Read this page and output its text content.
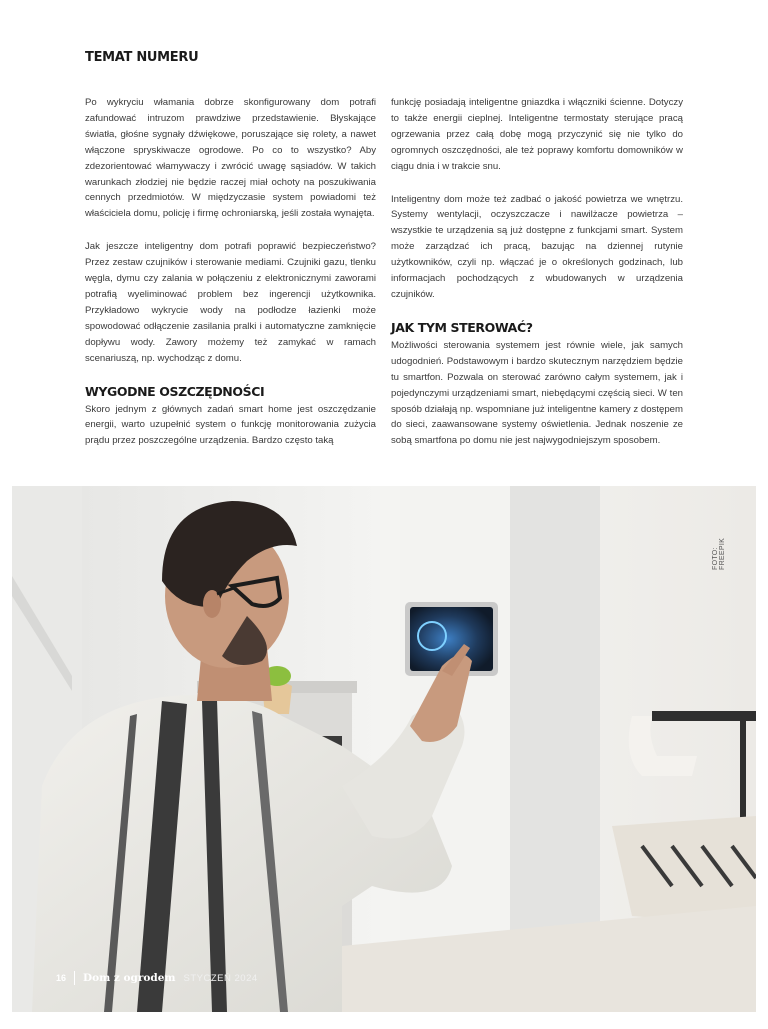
TEMAT NUMERU

Po wykryciu włamania dobrze skonfigurowany dom potrafi zafundować intruzom prawdziwe przedstawienie. Błyskające światła, głośne sygnały dźwiękowe, poruszające się rolety, a nawet włączone spryskiwacze ogrodowe. Po co to wszystko? Aby zdezorientować włamywaczy i zwrócić uwagę sąsiadów. W takich warunkach złodziej nie będzie raczej miał ochoty na poszukiwania cennych przedmiotów. W międzyczasie system powiadomi też właściciela domu, policję i firmę ochroniarską, jeśli została wynajęta.

Jak jeszcze inteligentny dom potrafi poprawić bezpieczeństwo? Przez zestaw czujników i sterowanie mediami. Czujniki gazu, tlenku węgla, dymu czy zalania w połączeniu z elektronicznymi zaworami potrafią wyeliminować problem bez ingerencji użytkownika. Przykładowo wykrycie wody na podłodze łazienki może spowodować odłączenie zasilania pralki i automatyczne zamknięcie dopływu wody. Zawory możemy też zamykać w ramach scenariuszą, np. wychodząc z domu.

WYGODNE OSZCZĘDNOŚCI

Skoro jednym z głównych zadań smart home jest oszczędzanie energii, warto uzupełnić system o funkcję monitorowania zużycia prądu przez poszczególne urządzenia. Bardzo często taką

funkcję posiadają inteligentne gniazdka i włączniki ścienne. Dotyczy to także energii cieplnej. Inteligentne termostaty sterujące pracą ogrzewania przez całą dobę mogą przyczynić się nie tylko do ogromnych oszczędności, ale też poprawy komfortu domowników w ciągu dnia i w trakcie snu.

Inteligentny dom może też zadbać o jakość powietrza we wnętrzu. Systemy wentylacji, oczyszczacze i nawilżacze powietrza – wszystkie te urządzenia są już dostępne z funkcjami smart. System może zarządzać ich pracą, bazując na dziennej rutynie użytkowników, czyli np. włączać je o określonych godzinach, lub informacjach pochodzących z wbudowanych w urządzenia czujników.

JAK TYM STEROWAĆ?

Możliwości sterowania systemem jest równie wiele, jak samych udogodnień. Podstawowym i bardzo skutecznym narzędziem będzie tu smartfon. Pozwala on sterować zarówno całym systemem, jak i pojedynczymi urządzeniami smart, niebędącymi częścią sieci. W ten sposób działają np. wspomniane już inteligentne kamery z dostępem do sieci, zaawansowane systemy oświetlenia. Jednak noszenie ze sobą smartfona po domu nie jest najwygodniejszym sposobem.

FOTO: FREEPIK
16 Dom z ogrodem STYCZEŃ 2024
